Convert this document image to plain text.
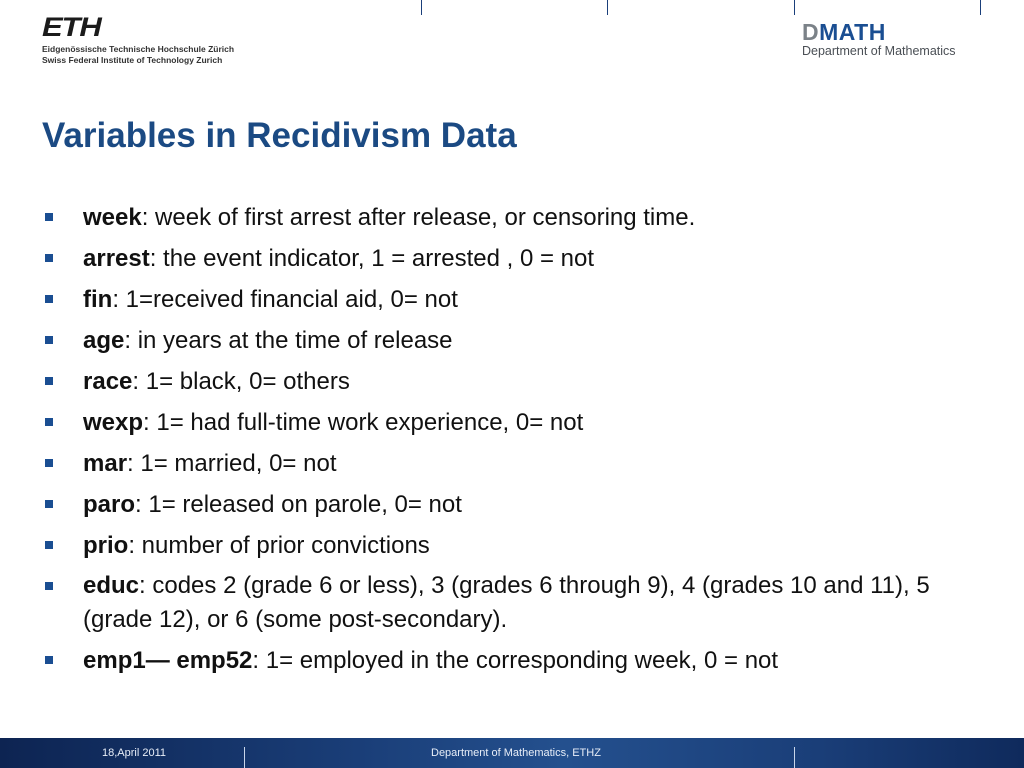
ETH
Eidgenössische Technische Hochschule Zürich
Swiss Federal Institute of Technology Zurich
DMATH
Department of Mathematics
Variables in Recidivism Data
week: week of first arrest after release, or censoring time.
arrest: the event indicator, 1 = arrested , 0 = not
fin: 1=received financial aid, 0= not
age: in years at the time of release
race: 1= black, 0= others
wexp: 1= had full-time work experience, 0= not
mar: 1= married, 0= not
paro: 1= released on parole, 0= not
prio: number of prior convictions
educ: codes 2 (grade 6 or less), 3 (grades 6 through 9), 4 (grades 10 and 11), 5 (grade 12), or 6 (some post-secondary).
emp1— emp52: 1= employed in the corresponding week, 0 = not
18,April 2011	Department of Mathematics, ETHZ
